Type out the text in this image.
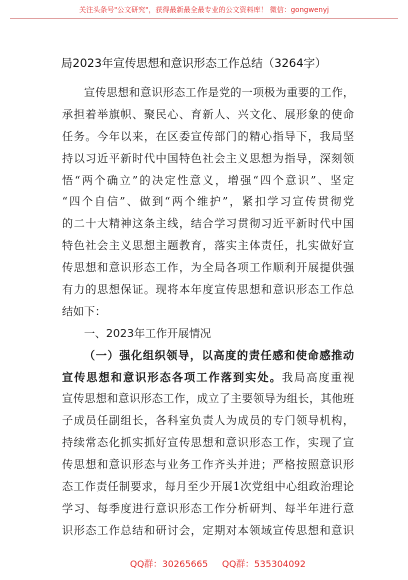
关注头条号"公文研究"，获得最新最全最专业的公文资料库！ 微信：gongwenyj
局2023年宣传思想和意识形态工作总结（3264字）
宣传思想和意识形态工作是党的一项极为重要的工作，
承担着举旗帜、聚民心、育新人、兴文化、展形象的使命
任务。今年以来，在区委宣传部门的精心指导下，我局坚
持以习近平新时代中国特色社会主义思想为指导，深刻领
悟“两个确立”的决定性意义，增强“四个意识”、坚定
“四个自信”、做到“两个维护”，紧扣学习宣传贯彻党
的二十大精神这条主线，结合学习贯彻习近平新时代中国
特色社会主义思想主题教育，落实主体责任，扎实做好宣
传思想和意识形态工作，为全局各项工作顺利开展提供强
有力的思想保证。现将本年度宣传思想和意识形态工作总
结如下：
一、2023年工作开展情况
（一）强化组织领导，以高度的责任感和使命感推动
宣传思想和意识形态各项工作落到实处。我局高度重视
宣传思想和意识形态工作，成立了主要领导为组长，其他班
子成员任副组长，各科室负责人为成员的专门领导机构，
持续常态化抓实抓好宣传思想和意识形态工作，实现了宣
传思想和意识形态与业务工作齐头并进；严格按照意识形
态工作责任制要求，每月至少开展1次党组中心组政治理论
学习、每季度进行意识形态工作分析研判、每半年进行意
识形态工作总结和研讨会，定期对本领域宣传思想和意识
QQ群：30265665 QQ群：535304092
